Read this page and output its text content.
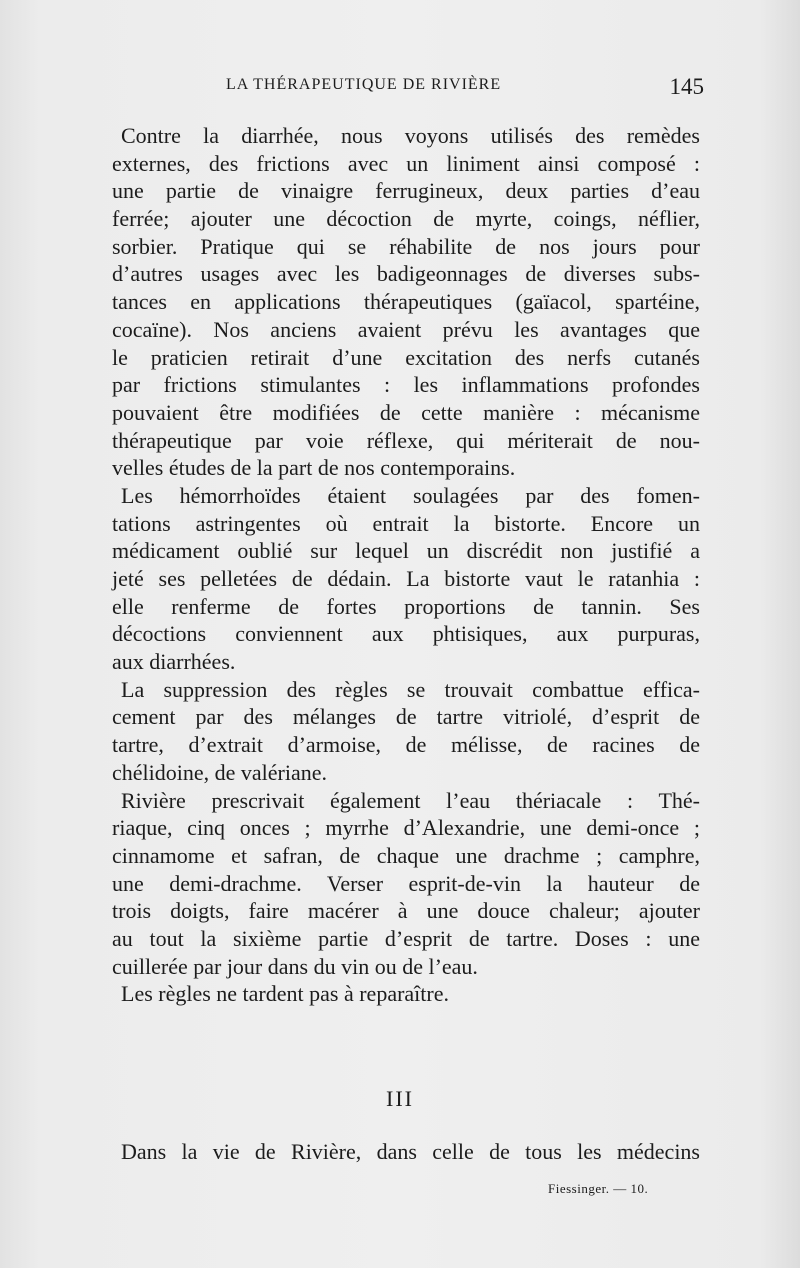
LA THÉRAPEUTIQUE DE RIVIÈRE	145
Contre la diarrhée, nous voyons utilisés des remèdes
externes, des frictions avec un liniment ainsi composé :
une partie de vinaigre ferrugineux, deux parties d’eau
ferrée; ajouter une décoction de myrte, coings, néflier,
sorbier. Pratique qui se réhabilite de nos jours pour
d’autres usages avec les badigeonnages de diverses subs-
tances en applications thérapeutiques (gaïacol, spartéine,
cocaïne). Nos anciens avaient prévu les avantages que
le praticien retirait d’une excitation des nerfs cutanés
par frictions stimulantes : les inflammations profondes
pouvaient être modifiées de cette manière : mécanisme
thérapeutique par voie réflexe, qui mériterait de nou-
velles études de la part de nos contemporains.
Les hémorrhoïdes étaient soulagées par des fomen-
tations astringentes où entrait la bistorte. Encore un
médicament oublié sur lequel un discrédit non justifié a
jeté ses pelletées de dédain. La bistorte vaut le ratanhia :
elle renferme de fortes proportions de tannin. Ses
décoctions conviennent aux phtisiques, aux purpuras,
aux diarrhées.
La suppression des règles se trouvait combattue effica-
cement par des mélanges de tartre vitriolé, d’esprit de
tartre, d’extrait d’armoise, de mélisse, de racines de
chélidoine, de valériane.
Rivière prescrivait également l’eau thériacale : Thé-
riaque, cinq onces ; myrrhe d’Alexandrie, une demi-once ;
cinnamome et safran, de chaque une drachme ; camphre,
une demi-drachme. Verser esprit-de-vin la hauteur de
trois doigts, faire macérer à une douce chaleur; ajouter
au tout la sixième partie d’esprit de tartre. Doses : une
cuillerée par jour dans du vin ou de l’eau.
Les règles ne tardent pas à reparaître.
III
Dans la vie de Rivière, dans celle de tous les médecins
Fiessinger. — 10.
